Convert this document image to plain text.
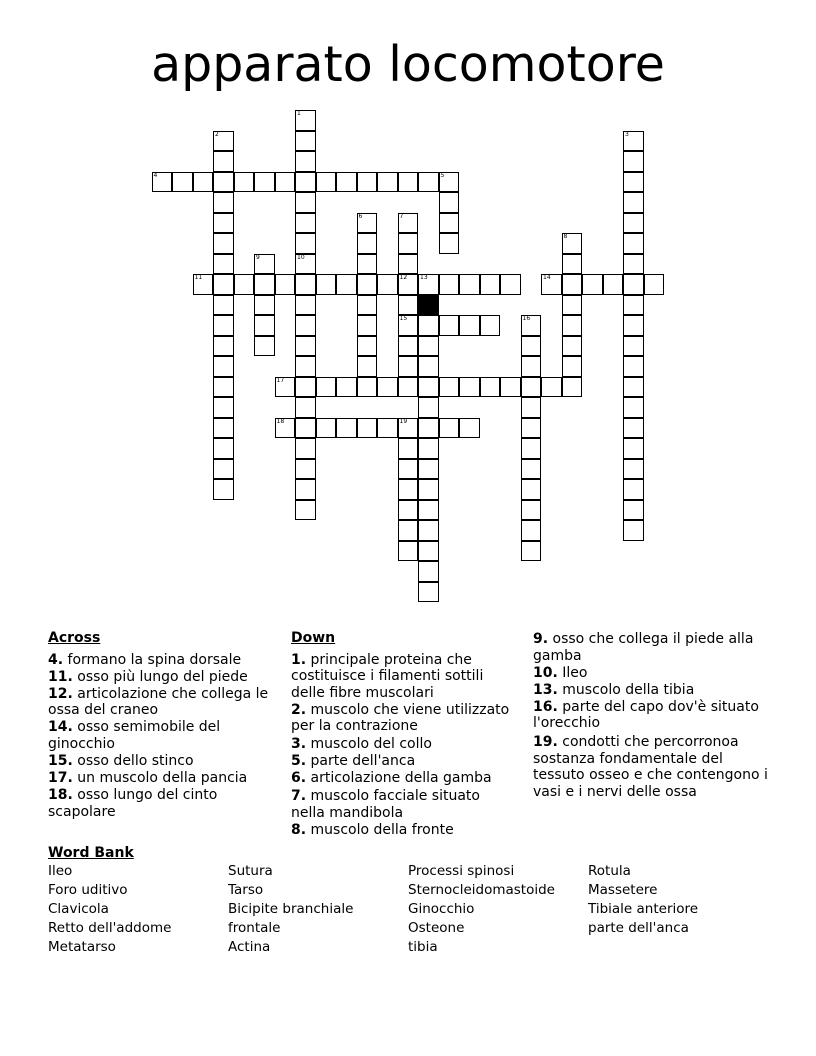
apparato locomotore
4	5
11	12 13	14
15
17
18	19
1
2	3
6	7
8
9	10
16
Across
4. formano la spina dorsale
11. osso più lungo del piede
12. articolazione che collega le ossa del craneo
14. osso semimobile del ginocchio
15. osso dello stinco
17. un muscolo della pancia
18. osso lungo del cinto scapolare
Down
1. principale proteina che costituisce i filamenti sottili delle fibre muscolari
2. muscolo che viene utilizzato per la contrazione
3. muscolo del collo
5. parte dell'anca
6. articolazione della gamba
7. muscolo facciale situato nella mandibola
8. muscolo della fronte
9. osso che collega il piede alla gamba
10. Ileo
13. muscolo della tibia
16. parte del capo dov'è situato l'orecchio
19. condotti che percorronoa sostanza fondamentale del tessuto osseo e che contengono i vasi e i nervi delle ossa
Word Bank
Ileo
Foro uditivo
Clavicola
Retto dell'addome
Metatarso
Sutura
Tarso
Bicipite branchiale
frontale
Actina
Processi spinosi
Sternocleidomastoide
Ginocchio
Osteone
tibia
Rotula
Massetere
Tibiale anteriore
parte dell'anca
